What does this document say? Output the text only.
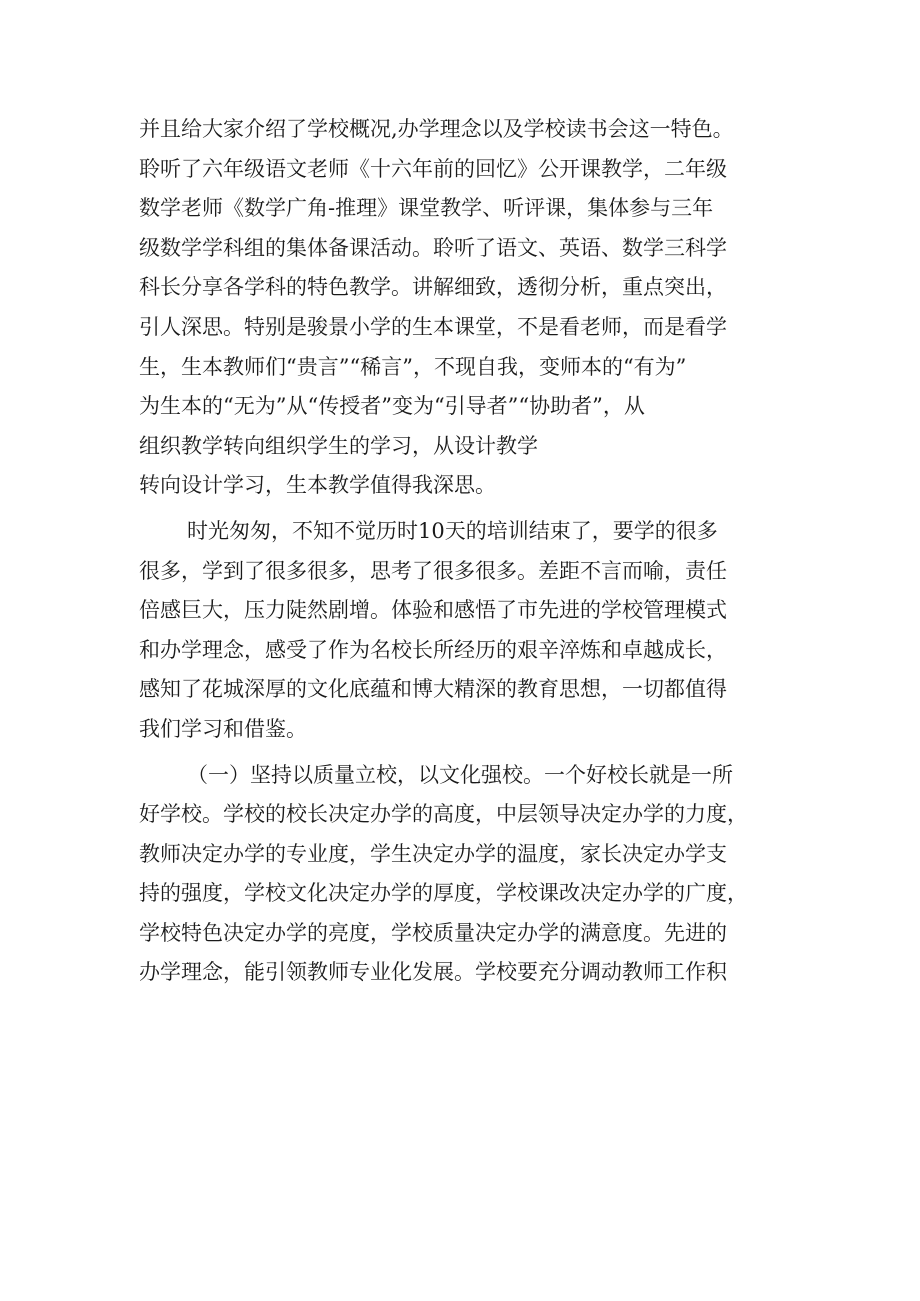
并且给大家介绍了学校概况,办学理念以及学校读书会这一特色。
聆听了六年级语文老师《十六年前的回忆》公开课教学，二年级
数学老师《数学广角-推理》课堂教学、听评课，集体参与三年
级数学学科组的集体备课活动。聆听了语文、英语、数学三科学
科长分享各学科的特色教学。讲解细致，透彻分析，重点突出，
引人深思。特别是骏景小学的生本课堂，不是看老师，而是看学
生，生本教师们“贵言”“稀言”，不现自我，变师本的“有为”
为生本的“无为”从“传授者”变为“引导者”“协助者”，从
组织教学转向组织学生的学习，从设计教学
转向设计学习，生本教学值得我深思。
时光匆匆，不知不觉历时10天的培训结束了，要学的很多
很多，学到了很多很多，思考了很多很多。差距不言而喻，责任
倍感巨大，压力陡然剧增。体验和感悟了市先进的学校管理模式
和办学理念，感受了作为名校长所经历的艰辛淬炼和卓越成长，
感知了花城深厚的文化底蕴和博大精深的教育思想，一切都值得
我们学习和借鉴。
（一）坚持以质量立校，以文化强校。一个好校长就是一所
好学校。学校的校长决定办学的高度，中层领导决定办学的力度，
教师决定办学的专业度，学生决定办学的温度，家长决定办学支
持的强度，学校文化决定办学的厚度，学校课改决定办学的广度，
学校特色决定办学的亮度，学校质量决定办学的满意度。先进的
办学理念，能引领教师专业化发展。学校要充分调动教师工作积
